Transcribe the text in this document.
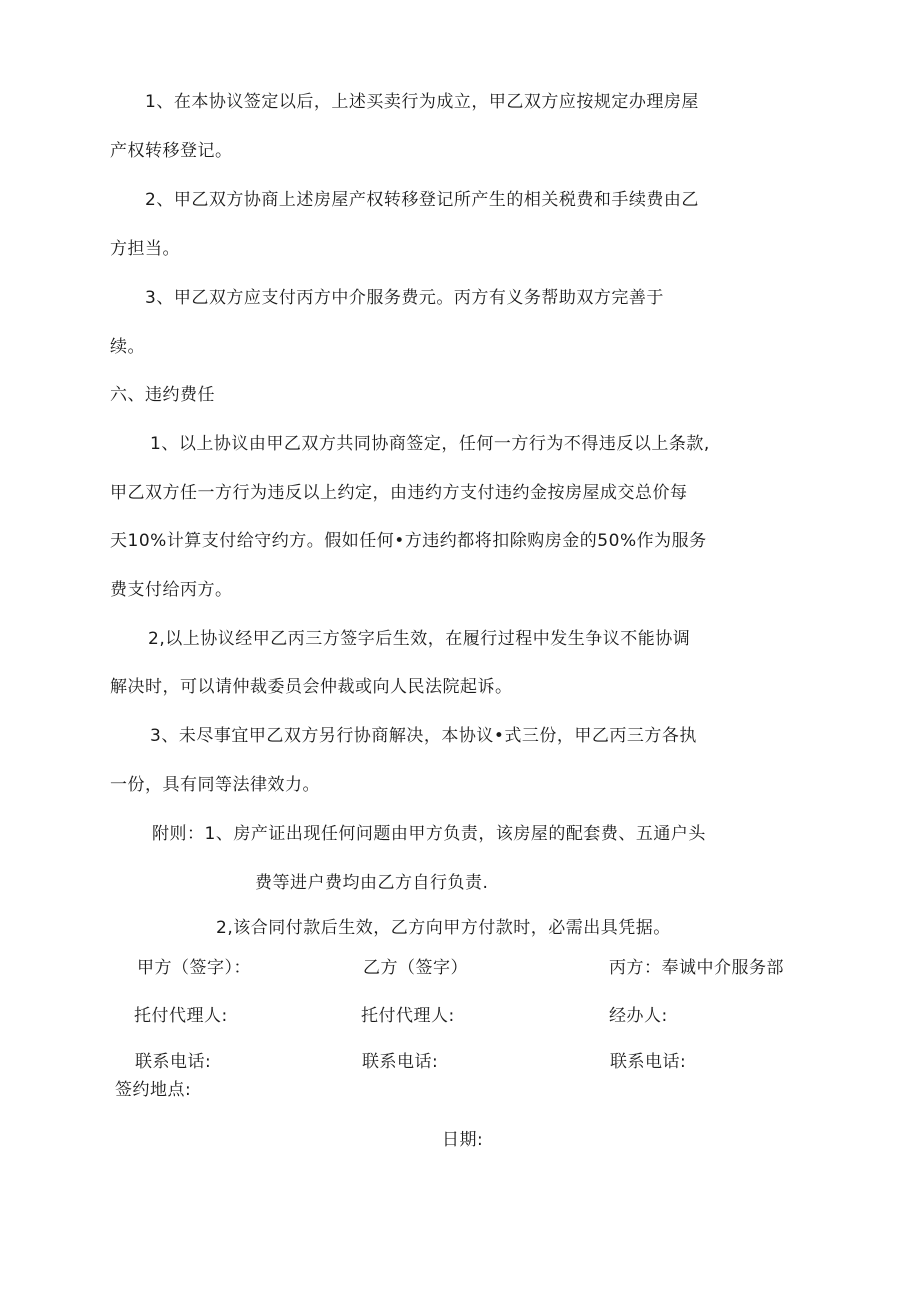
1、在本协议签定以后，上述买卖行为成立，甲乙双方应按规定办理房屋
产权转移登记。
2、甲乙双方协商上述房屋产权转移登记所产生的相关税费和手续费由乙
方担当。
3、甲乙双方应支付丙方中介服务费元。丙方有义务帮助双方完善于
续。
六、违约费任
1、以上协议由甲乙双方共同协商签定，任何一方行为不得违反以上条款,
甲乙双方任一方行为违反以上约定，由违约方支付违约金按房屋成交总价每
天10%计算支付给守约方。假如任何•方违约都将扣除购房金的50%作为服务
费支付给丙方。
2,以上协议经甲乙丙三方签字后生效，在履行过程中发生争议不能协调
解决时，可以请仲裁委员会仲裁或向人民法院起诉。
3、未尽事宜甲乙双方另行协商解决，本协议•式三份，甲乙丙三方各执
一份，具有同等法律效力。
附则：1、房产证出现任何问题由甲方负责，该房屋的配套费、五通户头
费等进户费均由乙方自行负责.
2,该合同付款后生效，乙方向甲方付款时，必需出具凭据。
甲方（签字）：	乙方（签字）	丙方：奉诚中介服务部
托付代理人:	托付代理人:	经办人:
联系电话:	联系电话:	联系电话:
签约地点:
日期:
